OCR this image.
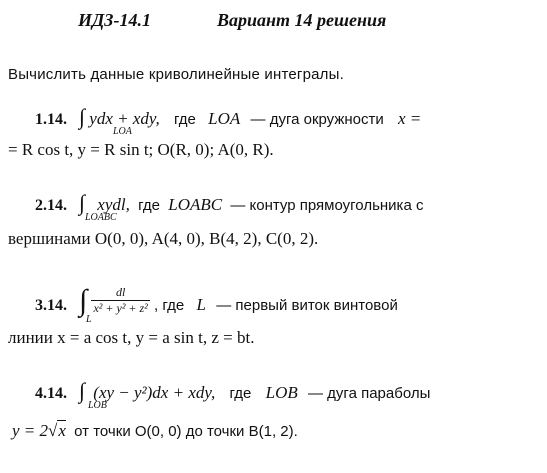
ИДЗ-14.1	Вариант 14 решения
Вычислить данные криволинейные интегралы.
1.14. ∫
LOA
ydx + xdy, где LOA — дуга окружности x =
= R cos t, y = R sin t; O(R, 0); A(0, R).
2.14. ∫
LOABC
xydl, где LOABC — контур прямоугольника с
вершинами O(0, 0), A(4, 0), B(4, 2), C(0, 2).
3.14. ∫
L
$\frac{dl}{\text{x² + y² + z²}}$ , где L — первый виток винтовой
линии x = a cos t, y = a sin t, z = bt.
4.14. ∫
LOB
(xy − y²)dx + xdy, где LOB — дуга параболы
y = 2√x от точки O(0, 0) до точки B(1, 2).
